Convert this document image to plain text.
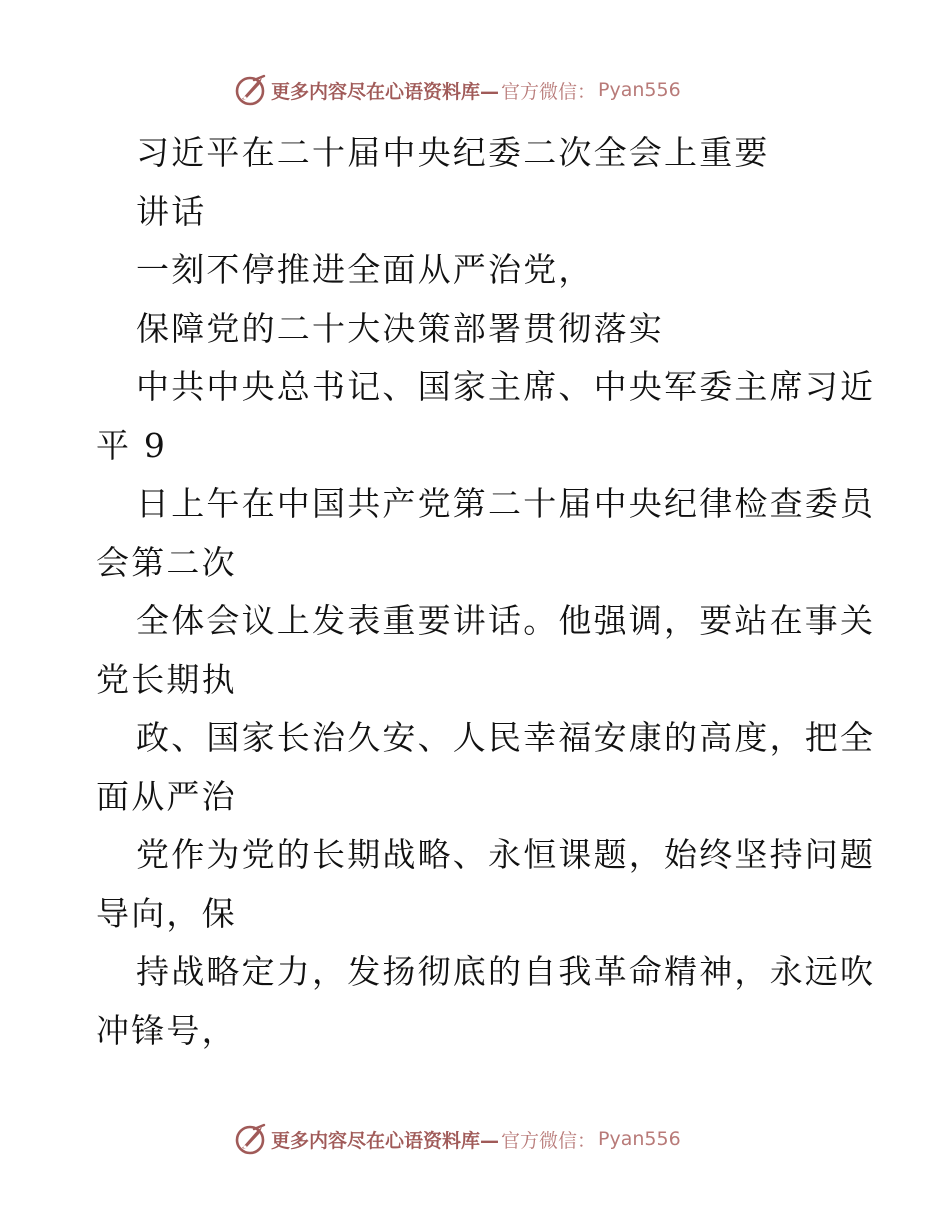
更多内容尽在心语资料库— 官方微信： Pyan556
习近平在二十届中央纪委二次全会上重要
讲话
一刻不停推进全面从严治党，
保障党的二十大决策部署贯彻落实
中共中央总书记、国家主席、中央军委主席习近
平 9
日上午在中国共产党第二十届中央纪律检查委员
会第二次
全体会议上发表重要讲话。他强调，要站在事关
党长期执
政、国家长治久安、人民幸福安康的高度，把全
面从严治
党作为党的长期战略、永恒课题，始终坚持问题
导向，保
持战略定力，发扬彻底的自我革命精神，永远吹
冲锋号，
更多内容尽在心语资料库— 官方微信： Pyan556
